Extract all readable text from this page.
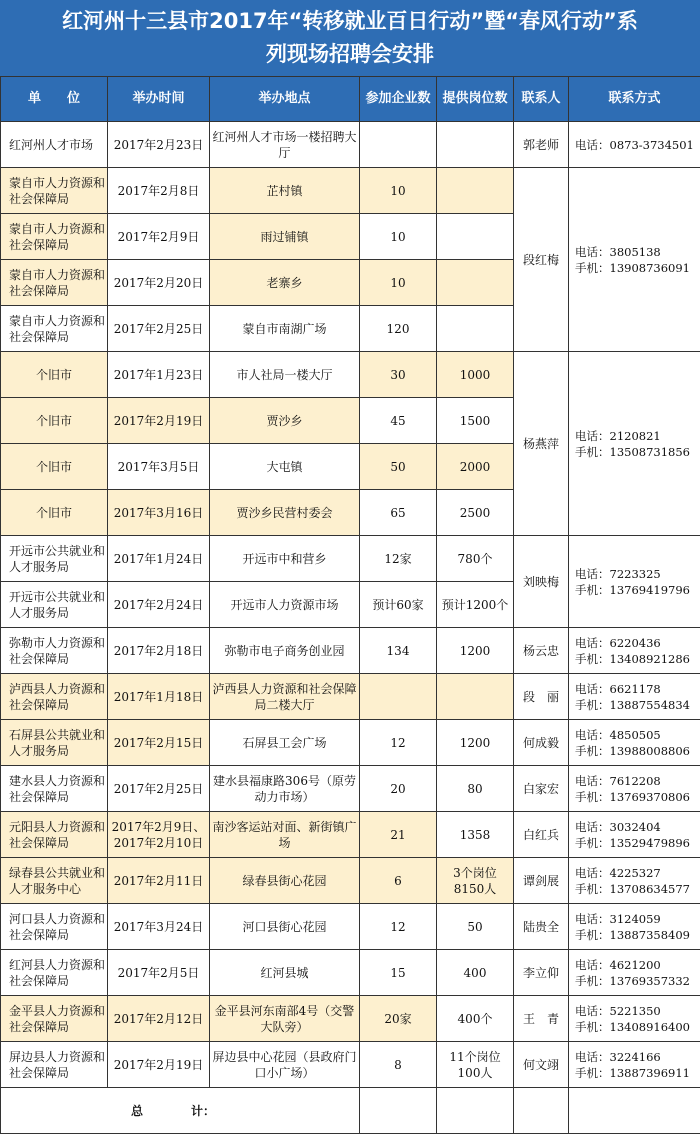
红河州十三县市2017年“转移就业百日行动”暨“春风行动”系
列现场招聘会安排
单　　位	举办时间	举办地点	参加企业数	提供岗位数	联系人	联系方式
红河州人才市场	2017年2月23日	红河州人才市场一楼招聘大厅			郭老师	电话：0873-3734501
蒙自市人力资源和社会保障局	2017年2月8日	芷村镇	10		段红梅	电话：3805138
手机：13908736091
蒙自市人力资源和社会保障局	2017年2月9日	雨过铺镇	10			
蒙自市人力资源和社会保障局	2017年2月20日	老寨乡	10			
蒙自市人力资源和社会保障局	2017年2月25日	蒙自市南湖广场	120			
个旧市	2017年1月23日	市人社局一楼大厅	30	1000	杨燕萍	电话：2120821
手机：13508731856
个旧市	2017年2月19日	贾沙乡	45	1500		
个旧市	2017年3月5日	大屯镇	50	2000		
个旧市	2017年3月16日	贾沙乡民营村委会	65	2500		
开远市公共就业和人才服务局	2017年1月24日	开远市中和营乡	12家	780个	刘映梅	电话：7223325
手机：13769419796
开远市公共就业和人才服务局	2017年2月24日	开远市人力资源市场	预计60家	预计1200个		
弥勒市人力资源和社会保障局	2017年2月18日	弥勒市电子商务创业园	134	1200	杨云忠	电话：6220436
手机：13408921286
泸西县人力资源和社会保障局	2017年1月18日	泸西县人力资源和社会保障局二楼大厅			段　丽	电话：6621178
手机：13887554834
石屏县公共就业和人才服务局	2017年2月15日	石屏县工会广场	12	1200	何成毅	电话：4850505
手机：13988008806
建水县人力资源和社会保障局	2017年2月25日	建水县福康路306号（原劳动力市场）	20	80	白家宏	电话：7612208
手机：13769370806
元阳县人力资源和社会保障局	2017年2月9日、2017年2月10日	南沙客运站对面、新街镇广场	21	1358	白红兵	电话：3032404
手机：13529479896
绿春县公共就业和人才服务中心	2017年2月11日	绿春县街心花园	6	3个岗位8150人	谭剑展	电话：4225327
手机：13708634577
河口县人力资源和社会保障局	2017年3月24日	河口县街心花园	12	50	陆贵全	电话：3124059
手机：13887358409
红河县人力资源和社会保障局	2017年2月5日	红河县城	15	400	李立仰	电话：4621200
手机：13769357332
金平县人力资源和社会保障局	2017年2月12日	金平县河东南部4号（交警大队旁）	20家	400个	王　青	电话：5221350
手机：13408916400
屏边县人力资源和社会保障局	2017年2月19日	屏边县中心花园（县政府门口小广场）	8	11个岗位100人	何文翊	电话：3224166
手机：13887396911
总　　　　计：						
